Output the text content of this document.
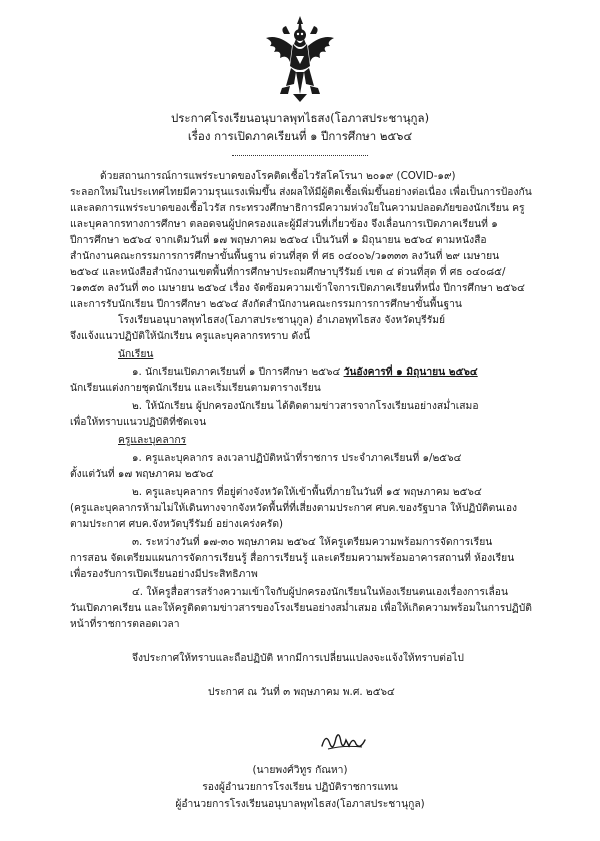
ประกาศโรงเรียนอนุบาลพุทไธสง(โอภาสประชานุกูล)
เรื่อง การเปิดภาคเรียนที่ ๑ ปีการศึกษา ๒๕๖๔
ด้วยสถานการณ์การแพร่ระบาดของโรคติดเชื้อไวรัสโคโรนา ๒๐๑๙ (COVID-๑๙)
ระลอกใหม่ในประเทศไทยมีความรุนแรงเพิ่มขึ้น ส่งผลให้มีผู้ติดเชื้อเพิ่มขึ้นอย่างต่อเนื่อง เพื่อเป็นการป้องกัน
และลดการแพร่ระบาดของเชื้อไวรัส กระทรวงศึกษาธิการมีความห่วงใยในความปลอดภัยของนักเรียน ครู
และบุคลากรทางการศึกษา ตลอดจนผู้ปกครองและผู้มีส่วนที่เกี่ยวข้อง จึงเลื่อนการเปิดภาคเรียนที่ ๑
ปีการศึกษา ๒๕๖๔ จากเดิมวันที่ ๑๗ พฤษภาคม ๒๕๖๔ เป็นวันที่ ๑ มิถุนายน ๒๕๖๔ ตามหนังสือ
สำนักงานคณะกรรมการการศึกษาขั้นพื้นฐาน ด่วนที่สุด ที่ ศธ ๐๔๐๐๖/ว๑๓๓๓ ลงวันที่ ๒๙ เมษายน
๒๕๖๔ และหนังสือสำนักงานเขตพื้นที่การศึกษาประถมศึกษาบุรีรัมย์ เขต ๔ ด่วนที่สุด ที่ ศธ ๐๔๐๘๕/
ว๑๓๕๓ ลงวันที่ ๓๐ เมษายน ๒๕๖๔ เรื่อง จัดซ้อมความเข้าใจการเปิดภาคเรียนที่หนึ่ง ปีการศึกษา ๒๕๖๔
และการรับนักเรียน ปีการศึกษา ๒๕๖๔ สังกัดสำนักงานคณะกรรมการการศึกษาขั้นพื้นฐาน
โรงเรียนอนุบาลพุทไธสง(โอภาสประชานุกูล) อำเภอพุทไธสง จังหวัดบุรีรัมย์
จึงแจ้งแนวปฏิบัติให้นักเรียน ครูและบุคลากรทราบ ดังนี้
นักเรียน
๑. นักเรียนเปิดภาคเรียนที่ ๑ ปีการศึกษา ๒๕๖๔ วันอังคารที่ ๑ มิถุนายน ๒๕๖๔
นักเรียนแต่งกายชุดนักเรียน และเริ่มเรียนตามตารางเรียน
๒. ให้นักเรียน ผู้ปกครองนักเรียน ได้ติดตามข่าวสารจากโรงเรียนอย่างสม่ำเสมอ
เพื่อให้ทราบแนวปฏิบัติที่ชัดเจน
ครูและบุคลากร
๑. ครูและบุคลากร ลงเวลาปฏิบัติหน้าที่ราชการ ประจำภาคเรียนที่ ๑/๒๕๖๔
ตั้งแต่วันที่ ๑๗ พฤษภาคม ๒๕๖๔
๒. ครูและบุคลากร ที่อยู่ต่างจังหวัดให้เข้าพื้นที่ภายในวันที่ ๑๕ พฤษภาคม ๒๕๖๔
(ครูและบุคลากรห้ามไม่ให้เดินทางจากจังหวัดพื้นที่ที่เสี่ยงตามประกาศ ศบค.ของรัฐบาล ให้ปฏิบัติตนเอง
ตามประกาศ ศบค.จังหวัดบุรีรัมย์ อย่างเคร่งครัด)
๓. ระหว่างวันที่ ๑๗-๓๐ พฤษภาคม ๒๕๖๔ ให้ครูเตรียมความพร้อมการจัดการเรียน
การสอน จัดเตรียมแผนการจัดการเรียนรู้ สื่อการเรียนรู้ และเตรียมความพร้อมอาคารสถานที่ ห้องเรียน
เพื่อรองรับการเปิดเรียนอย่างมีประสิทธิภาพ
๔. ให้ครูสื่อสารสร้างความเข้าใจกับผู้ปกครองนักเรียนในห้องเรียนตนเองเรื่องการเลื่อน
วันเปิดภาคเรียน และให้ครูติดตามข่าวสารของโรงเรียนอย่างสม่ำเสมอ เพื่อให้เกิดความพร้อมในการปฏิบัติ
หน้าที่ราชการตลอดเวลา
จึงประกาศให้ทราบและถือปฏิบัติ หากมีการเปลี่ยนแปลงจะแจ้งให้ทราบต่อไป
ประกาศ ณ วันที่ ๓ พฤษภาคม พ.ศ. ๒๕๖๔
(นายพงศ์วิทูร กัณหา)
รองผู้อำนวยการโรงเรียน ปฏิบัติราชการแทน
ผู้อำนวยการโรงเรียนอนุบาลพุทไธสง(โอภาสประชานุกูล)
